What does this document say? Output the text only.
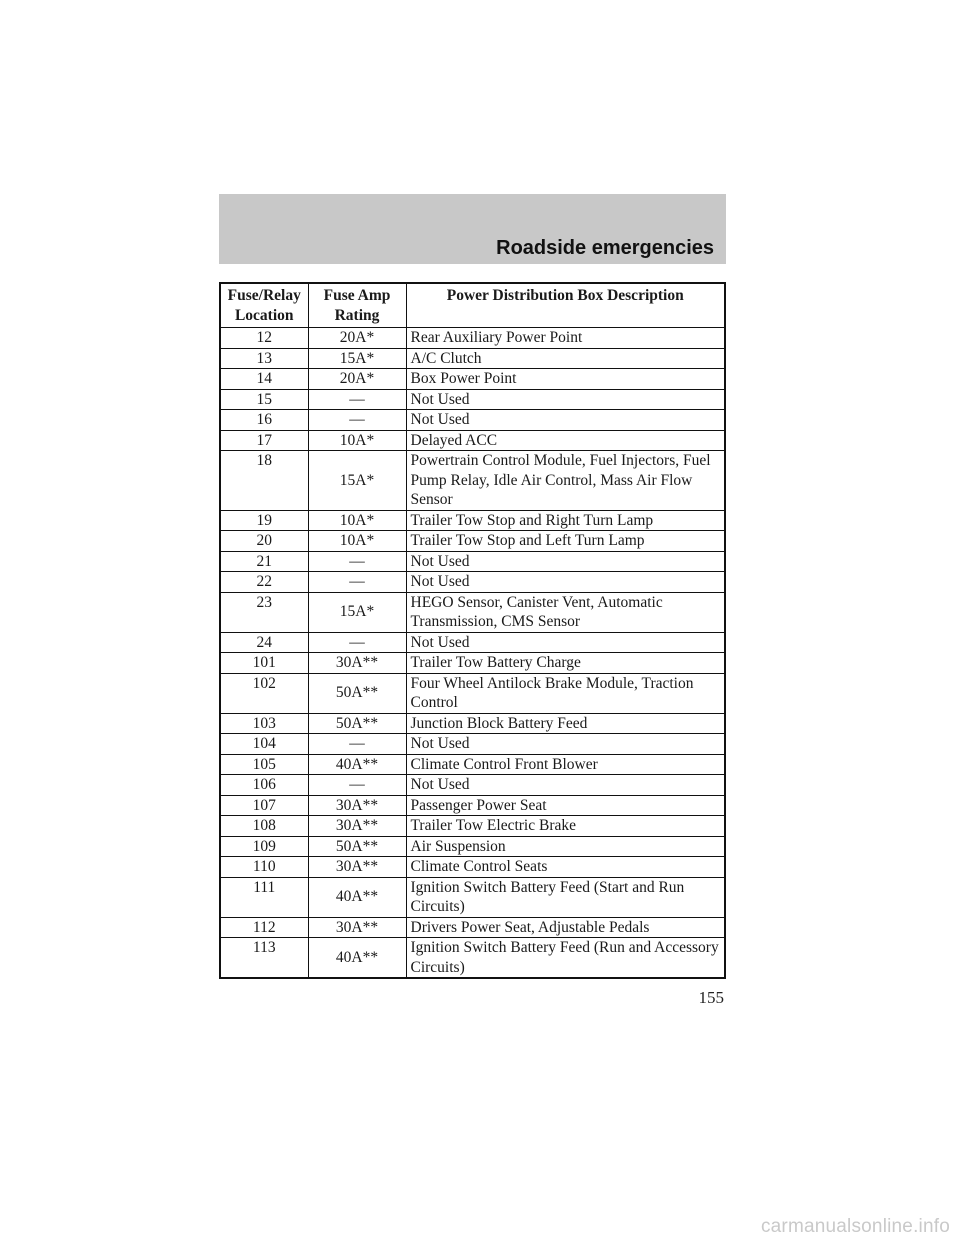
Roadside emergencies
Fuse/Relay Location	Fuse Amp Rating	Power Distribution Box Description
12	20A*	Rear Auxiliary Power Point
13	15A*	A/C Clutch
14	20A*	Box Power Point
15	—	Not Used
16	—	Not Used
17	10A*	Delayed ACC
18	15A*	Powertrain Control Module, Fuel Injectors, Fuel Pump Relay, Idle Air Control, Mass Air Flow Sensor
19	10A*	Trailer Tow Stop and Right Turn Lamp
20	10A*	Trailer Tow Stop and Left Turn Lamp
21	—	Not Used
22	—	Not Used
23	15A*	HEGO Sensor, Canister Vent, Automatic Transmission, CMS Sensor
24	—	Not Used
101	30A**	Trailer Tow Battery Charge
102	50A**	Four Wheel Antilock Brake Module, Traction Control
103	50A**	Junction Block Battery Feed
104	—	Not Used
105	40A**	Climate Control Front Blower
106	—	Not Used
107	30A**	Passenger Power Seat
108	30A**	Trailer Tow Electric Brake
109	50A**	Air Suspension
110	30A**	Climate Control Seats
111	40A**	Ignition Switch Battery Feed (Start and Run Circuits)
112	30A**	Drivers Power Seat, Adjustable Pedals
113	40A**	Ignition Switch Battery Feed (Run and Accessory Circuits)
155
carmanualsonline.info
